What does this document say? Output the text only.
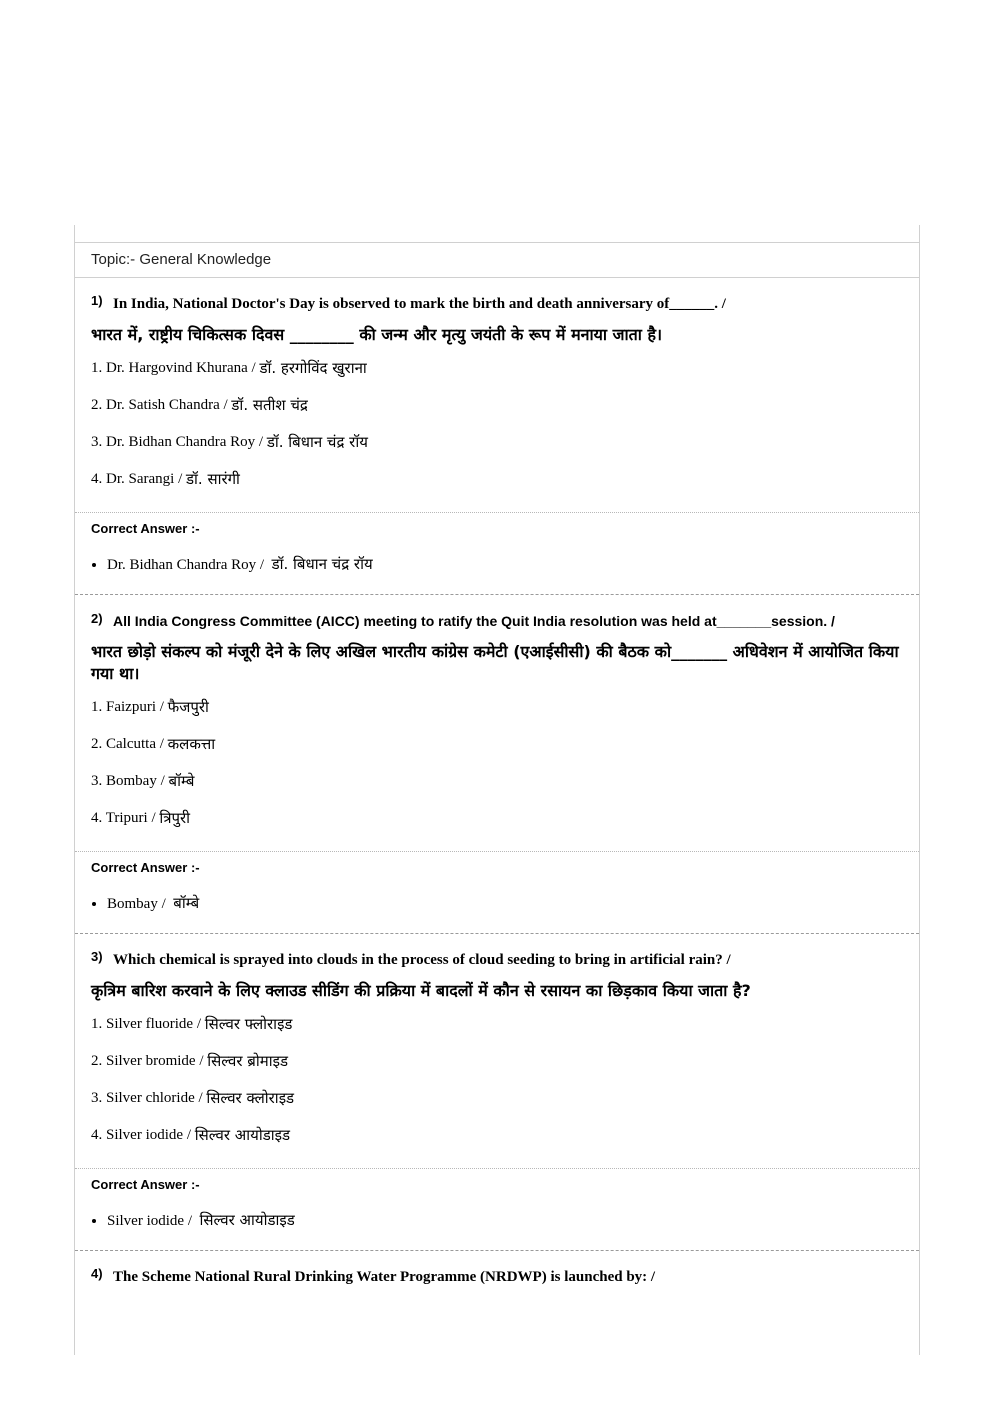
Topic:- General Knowledge
1) In India, National Doctor's Day is observed to mark the birth and death anniversary of______. /

भारत में, राष्ट्रीय चिकित्सक दिवस ________ की जन्म और मृत्यु जयंती के रूप में मनाया जाता है।

1. Dr. Hargovind Khurana /
डॉ. हरगोविंद खुराना
2. Dr. Satish Chandra /
डॉ. सतीश चंद्र
3. Dr. Bidhan Chandra Roy /
डॉ. बिधान चंद्र रॉय
4. Dr. Sarangi /
डॉ. सारंगी
Correct Answer :-
• Dr. Bidhan Chandra Roy /  डॉ. बिधान चंद्र रॉय
2) All India Congress Committee (AICC) meeting to ratify the Quit India resolution was held at_______session. /

भारत छोड़ो संकल्प को मंजूरी देने के लिए अखिल भारतीय कांग्रेस कमेटी (एआईसीसी) की बैठक को_______ अधिवेशन में आयोजित किया गया था।

1. Faizpuri /
फैजपुरी
2. Calcutta /
कलकत्ता
3. Bombay /
बॉम्बे
4. Tripuri /
त्रिपुरी
Correct Answer :-
• Bombay /  बॉम्बे
3) Which chemical is sprayed into clouds in the process of cloud seeding to bring in artificial rain? /

कृत्रिम बारिश करवाने के लिए क्लाउड सीडिंग की प्रक्रिया में बादलों में कौन से रसायन का छिड़काव किया जाता है?

1. Silver fluoride /
सिल्वर फ्लोराइड
2. Silver bromide /
सिल्वर ब्रोमाइड
3. Silver chloride /
सिल्वर क्लोराइड
4. Silver iodide /
सिल्वर आयोडाइड
Correct Answer :-
• Silver iodide /  सिल्वर आयोडाइड
4) The Scheme National Rural Drinking Water Programme (NRDWP) is launched by: /
